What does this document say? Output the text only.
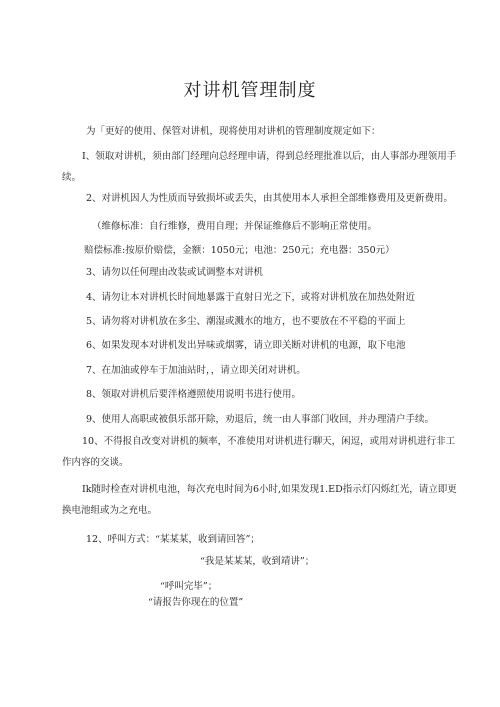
对讲机管理制度
为「更好的使用、保管对讲机，现将使用对讲机的管理制度规定如下：
I、领取对讲机，须由部门经理向总经理申请，得到总经理批准以后，由人事部办理领用手续。
2、对讲机因人为性质而导致损坏或丢失，由其使用本人承担全部维修费用及更新费用。
（维修标准：自行维修，费用自理；并保证维修后不影响正常使用。
赔偿标准:按原价赔偿，金额：1050元；电池：250元；充电器：350元）
3、请勿以任何理由改装或试调整本对讲机
4、请勿让本对讲机长时间地暴露于直射日光之下，或将对讲机放在加热处附近
5、请勿将对讲机放在多尘、潮湿或溅水的地方，也不要放在不平稳的平面上
6、如果发现本对讲机发出异味或烟雾，请立即关断对讲机的电源，取下电池
7、在加油或停车于加油站时，，请立即关闭对讲机。
8、领取对讲机后要泮格遵照使用说明书进行使用。
9、使用人高职或被俱乐部开除，劝退后，统一由人事部门收回，并办理清户手续。
10、不得报自改变对讲机的频率，不准使用对讲机进行聊天，闲逗，或用对讲机进行非工作内容的交谈。
Ik随时检查对讲机电池，每次充电时间为6小时,如果发现1.ED指示灯闪烁红光，请立即更换电池组或为之充电。
12、呼叫方式：“某某某，收到请回答”；
“我是某某某，收到靖讲”；
“呼叫完毕”；
“请报告你现在的位置”
